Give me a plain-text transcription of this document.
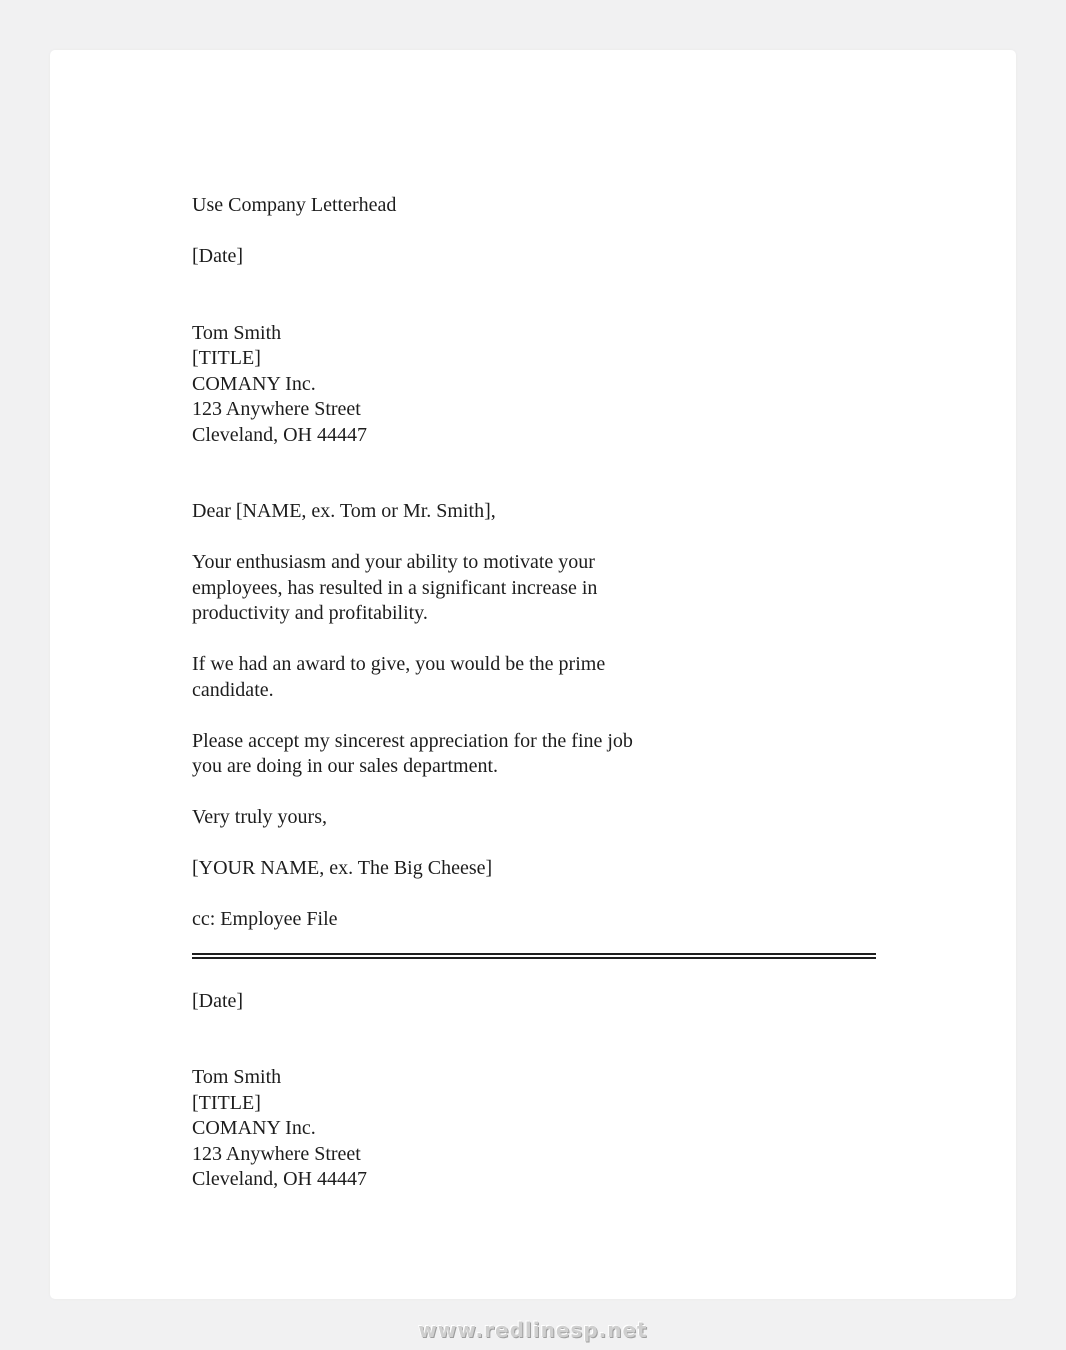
Use Company Letterhead

[Date]

Tom Smith

[TITLE]

COMANY Inc.

123 Anywhere Street

Cleveland, OH 44447

Dear [NAME, ex. Tom or Mr. Smith],

Your enthusiasm and your ability to motivate your

employees, has resulted in a significant increase in

productivity and profitability.

If we had an award to give, you would be the prime

candidate.

Please accept my sincerest appreciation for the fine job

you are doing in our sales department.

Very truly yours,

[YOUR NAME, ex. The Big Cheese]

cc: Employee File

[Date]

Tom Smith

[TITLE]

COMANY Inc.

123 Anywhere Street

Cleveland, OH 44447

www.redlinesp.net
